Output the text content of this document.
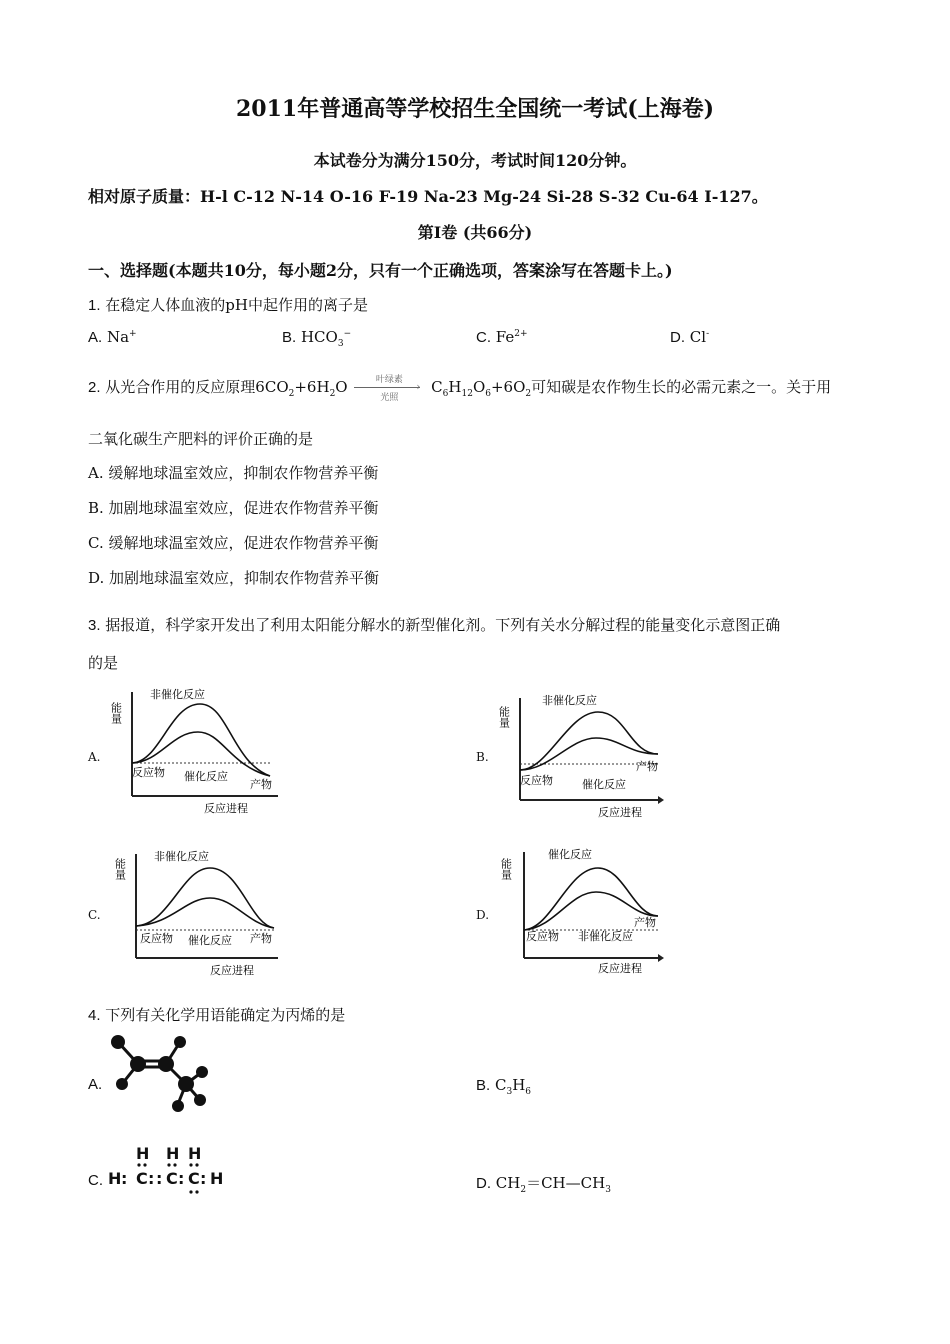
2011年普通高等学校招生全国统一考试(上海卷)
本试卷分为满分150分，考试时间120分钟。
相对原子质量：H-l C-12 N-14 O-16 F-19 Na-23 Mg-24 Si-28 S-32 Cu-64 I-127。
第Ⅰ卷 (共66分)
一、选择题(本题共10分，每小题2分，只有一个正确选项，答案涂写在答题卡上。)
1. 在稳定人体血液的pH中起作用的离子是
A. Na+	B. $HCO_3^-$	C. $Fe^{2+}$	D. Cl-
2. 从光合作用的反应原理$6CO_2+6H_2O$	叶绿素
›
光照
$C_6H_{12}O_6+6O_2$可知碳是农作物生长的必需元素之一。关于用
二氧化碳生产肥料的评价正确的是
A. 缓解地球温室效应，抑制农作物营养平衡
B. 加剧地球温室效应，促进农作物营养平衡
C. 缓解地球温室效应，促进农作物营养平衡
D. 加剧地球温室效应，抑制农作物营养平衡
3. 据报道，科学家开发出了利用太阳能分解水的新型催化剂。下列有关水分解过程的能量变化示意图正确
的是
A.
能量
非催化反应
反应物 催化反应
产物
反应进程
B.
能量
非催化反应
反应物	催化反应
产物
反应进程
C.
能量
非催化反应
反应物 催化反应 产物
反应进程
D.
能量
催化反应
反应物 非催化反应
产物
反应进程
4. 下列有关化学用语能确定为丙烯的是
A.	B. $C_3H_6$
C.
H H H
H : C : : C : C : H	D. $CH_2=CH—CH_3$
